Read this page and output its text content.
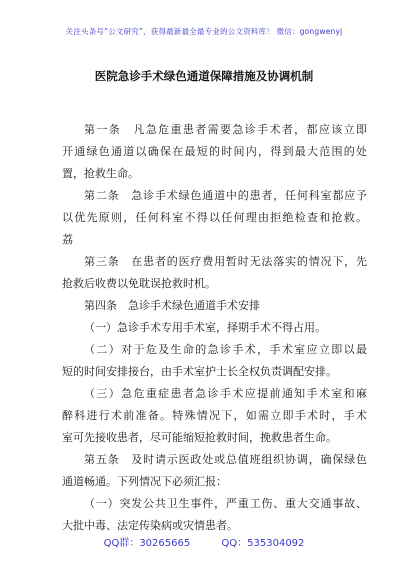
关注头条号“公文研究”，获得最新最全最专业的公文资料库！ 微信：gongwenyj
医院急诊手术绿色通道保障措施及协调机制
第一条　凡急危重患者需要急诊手术者，都应该立即
开通绿色通道以确保在最短的时间内，得到最大范围的处
置，抢救生命。
第二条　急诊手术绿色通道中的患者，任何科室都应予
以优先原则，任何科室不得以任何理由拒绝检查和抢救。
荔
第三条　在患者的医疗费用暂时无法落实的情况下，先
抢救后收费以免耽误抢救时机。
第四条　急诊手术绿色通道手术安排
（一）急诊手术专用手术室，择期手术不得占用。
（二）对于危及生命的急诊手术，手术室应立即以最
短的时间安排接台，由手术室护士长全权负责调配安排。
（三）急危重症患者急诊手术应提前通知手术室和麻
醉科进行术前准备。特殊情况下，如需立即手术时，手术
室可先接收患者，尽可能缩短抢救时间，挽救患者生命。
第五条　及时请示医政处或总值班组织协调，确保绿色
通道畅通。下列情况下必须汇报：
（一）突发公共卫生事件，严重工伤、重大交通事故、
大批中毒、法定传染病或灾情患者。
QQ群：30265665	QQ：535304092
